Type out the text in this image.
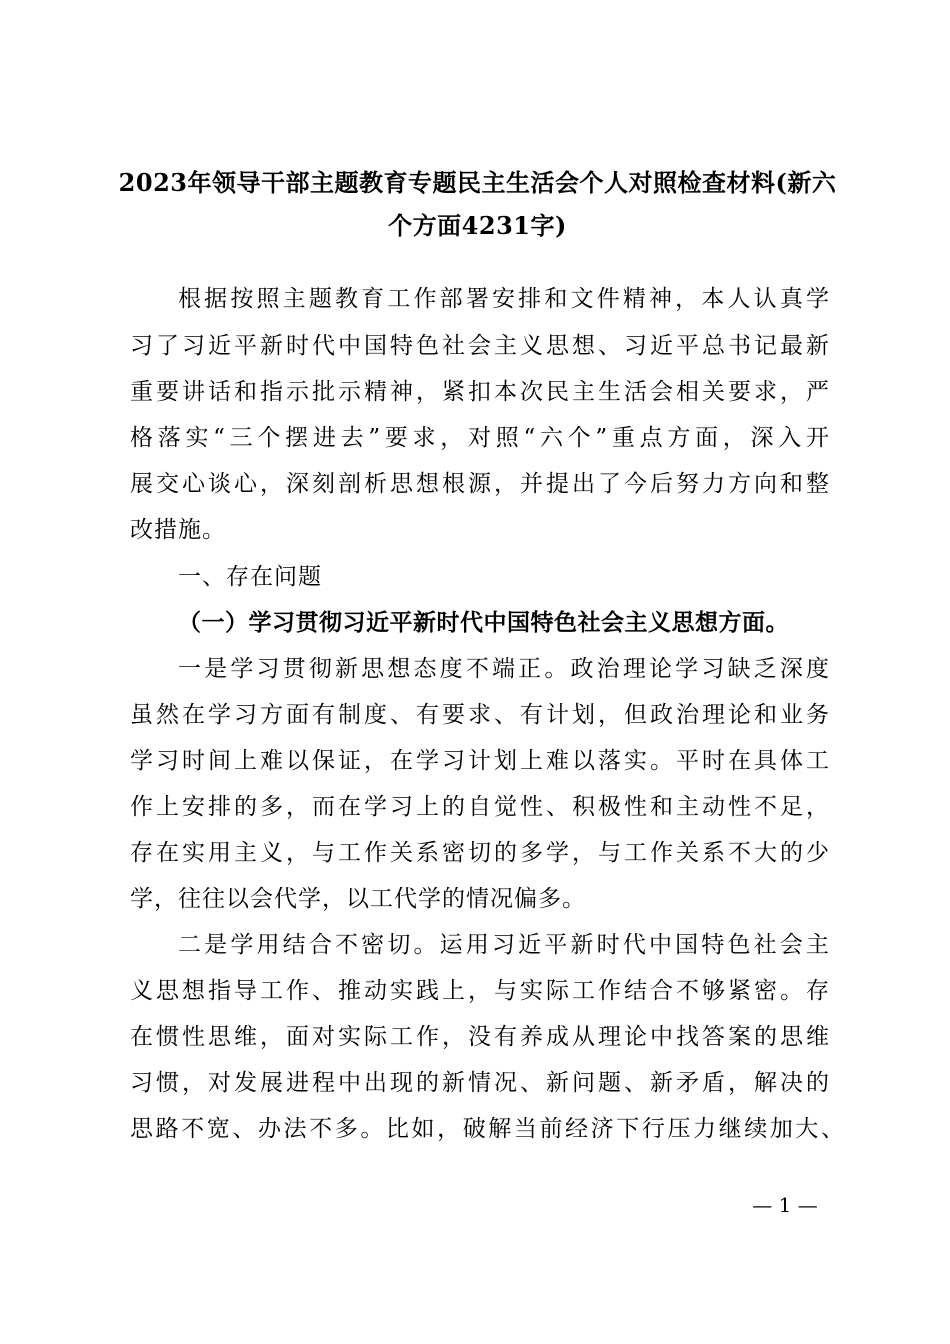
2023年领导干部主题教育专题民主生活会个人对照检查材料(新六
个方面4231字)
根据按照主题教育工作部署安排和文件精神，本人认真学
习了习近平新时代中国特色社会主义思想、习近平总书记最新
重要讲话和指示批示精神，紧扣本次民主生活会相关要求，严
格落实“三个摆进去”要求，对照“六个”重点方面，深入开
展交心谈心，深刻剖析思想根源，并提出了今后努力方向和整
改措施。
一、存在问题
（一）学习贯彻习近平新时代中国特色社会主义思想方面。
一是学习贯彻新思想态度不端正。政治理论学习缺乏深度
虽然在学习方面有制度、有要求、有计划，但政治理论和业务
学习时间上难以保证，在学习计划上难以落实。平时在具体工
作上安排的多，而在学习上的自觉性、积极性和主动性不足，
存在实用主义，与工作关系密切的多学，与工作关系不大的少
学，往往以会代学，以工代学的情况偏多。
二是学用结合不密切。运用习近平新时代中国特色社会主
义思想指导工作、推动实践上，与实际工作结合不够紧密。存
在惯性思维，面对实际工作，没有养成从理论中找答案的思维
习惯，对发展进程中出现的新情况、新问题、新矛盾，解决的
思路不宽、办法不多。比如，破解当前经济下行压力继续加大、
— 1 —
